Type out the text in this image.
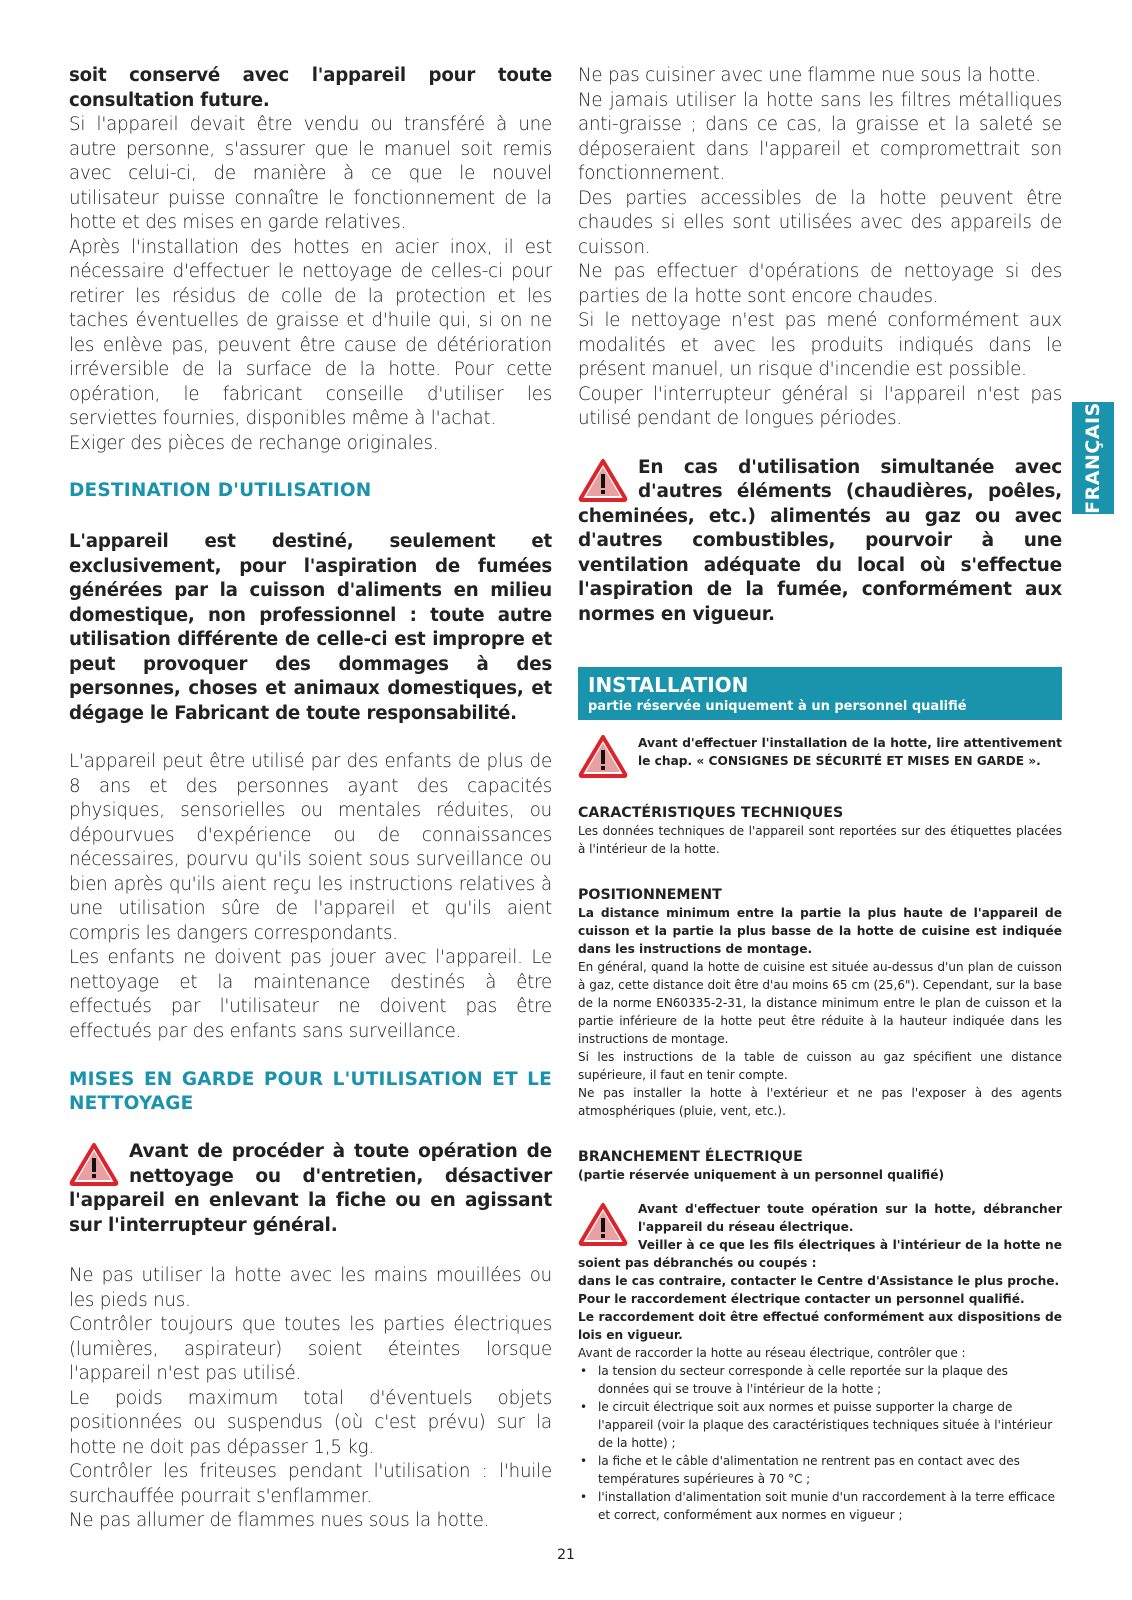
soit conservé avec l'appareil pour toute consultation future.

Si l'appareil devait être vendu ou transféré à une autre personne, s'assurer que le manuel soit remis avec celui-ci, de manière à ce que le nouvel utilisateur puisse connaître le fonctionnement de la hotte et des mises en garde relatives.

Après l'installation des hottes en acier inox, il est nécessaire d'effectuer le nettoyage de celles-ci pour retirer les résidus de colle de la protection et les taches éventuelles de graisse et d'huile qui, si on ne les enlève pas, peuvent être cause de détérioration irréversible de la surface de la hotte. Pour cette opération, le fabricant conseille d'utiliser les serviettes fournies, disponibles même à l'achat.

Exiger des pièces de rechange originales.

DESTINATION D'UTILISATION

L'appareil est destiné, seulement et exclusivement, pour l'aspiration de fumées générées par la cuisson d'aliments en milieu domestique, non professionnel : toute autre utilisation différente de celle-ci est impropre et peut provoquer des dommages à des personnes, choses et animaux domestiques, et dégage le Fabricant de toute responsabilité.

L'appareil peut être utilisé par des enfants de plus de 8 ans et des personnes ayant des capacités physiques, sensorielles ou mentales réduites, ou dépourvues d'expérience ou de connaissances nécessaires, pourvu qu'ils soient sous surveillance ou bien après qu'ils aient reçu les instructions relatives à une utilisation sûre de l'appareil et qu'ils aient compris les dangers correspondants.

Les enfants ne doivent pas jouer avec l'appareil. Le nettoyage et la maintenance destinés à être effectués par l'utilisateur ne doivent pas être effectués par des enfants sans surveillance.

MISES EN GARDE POUR L'UTILISATION ET LE NETTOYAGE

Avant de procéder à toute opération de nettoyage ou d'entretien, désactiver l'appareil en enlevant la fiche ou en agissant sur l'interrupteur général.

Ne pas utiliser la hotte avec les mains mouillées ou les pieds nus.

Contrôler toujours que toutes les parties électriques (lumières, aspirateur) soient éteintes lorsque l'appareil n'est pas utilisé.

Le poids maximum total d'éventuels objets positionnées ou suspendus (où c'est prévu) sur la hotte ne doit pas dépasser 1,5 kg.

Contrôler les friteuses pendant l'utilisation : l'huile surchauffée pourrait s'enflammer.

Ne pas allumer de flammes nues sous la hotte.

Ne pas cuisiner avec une flamme nue sous la hotte.

Ne jamais utiliser la hotte sans les filtres métalliques anti-graisse ; dans ce cas, la graisse et la saleté se déposeraient dans l'appareil et compromettrait son fonctionnement.

Des parties accessibles de la hotte peuvent être chaudes si elles sont utilisées avec des appareils de cuisson.

Ne pas effectuer d'opérations de nettoyage si des parties de la hotte sont encore chaudes.

Si le nettoyage n'est pas mené conformément aux modalités et avec les produits indiqués dans le présent manuel, un risque d'incendie est possible.

Couper l'interrupteur général si l'appareil n'est pas utilisé pendant de longues périodes.

En cas d'utilisation simultanée avec d'autres éléments (chaudières, poêles, cheminées, etc.) alimentés au gaz ou avec d'autres combustibles, pourvoir à une ventilation adéquate du local où s'effectue l'aspiration de la fumée, conformément aux normes en vigueur.

INSTALLATION
partie réservée uniquement à un personnel qualifié

Avant d'effectuer l'installation de la hotte, lire attentivement le chap. « CONSIGNES DE SÉCURITÉ ET MISES EN GARDE ».

CARACTÉRISTIQUES TECHNIQUES

Les données techniques de l'appareil sont reportées sur des étiquettes placées à l'intérieur de la hotte.

POSITIONNEMENT

La distance minimum entre la partie la plus haute de l'appareil de cuisson et la partie la plus basse de la hotte de cuisine est indiquée dans les instructions de montage.

En général, quand la hotte de cuisine est située au-dessus d'un plan de cuisson à gaz, cette distance doit être d'au moins 65 cm (25,6"). Cependant, sur la base de la norme EN60335-2-31, la distance minimum entre le plan de cuisson et la partie inférieure de la hotte peut être réduite à la hauteur indiquée dans les instructions de montage.

Si les instructions de la table de cuisson au gaz spécifient une distance supérieure, il faut en tenir compte.

Ne pas installer la hotte à l'extérieur et ne pas l'exposer à des agents atmosphériques (pluie, vent, etc.).

BRANCHEMENT ÉLECTRIQUE

(partie réservée uniquement à un personnel qualifié)

Avant d'effectuer toute opération sur la hotte, débrancher l'appareil du réseau électrique.

Veiller à ce que les fils électriques à l'intérieur de la hotte ne soient pas débranchés ou coupés :

dans le cas contraire, contacter le Centre d'Assistance le plus proche.

Pour le raccordement électrique contacter un personnel qualifié.

Le raccordement doit être effectué conformément aux dispositions de lois en vigueur.

Avant de raccorder la hotte au réseau électrique, contrôler que :

• la tension du secteur corresponde à celle reportée sur la plaque des données qui se trouve à l'intérieur de la hotte ;
• le circuit électrique soit aux normes et puisse supporter la charge de l'appareil (voir la plaque des caractéristiques techniques située à l'intérieur de la hotte) ;
• la fiche et le câble d'alimentation ne rentrent pas en contact avec des températures supérieures à 70 °C ;
• l'installation d'alimentation soit munie d'un raccordement à la terre efficace et correct, conformément aux normes en vigueur ;
FRANÇAIS
21
